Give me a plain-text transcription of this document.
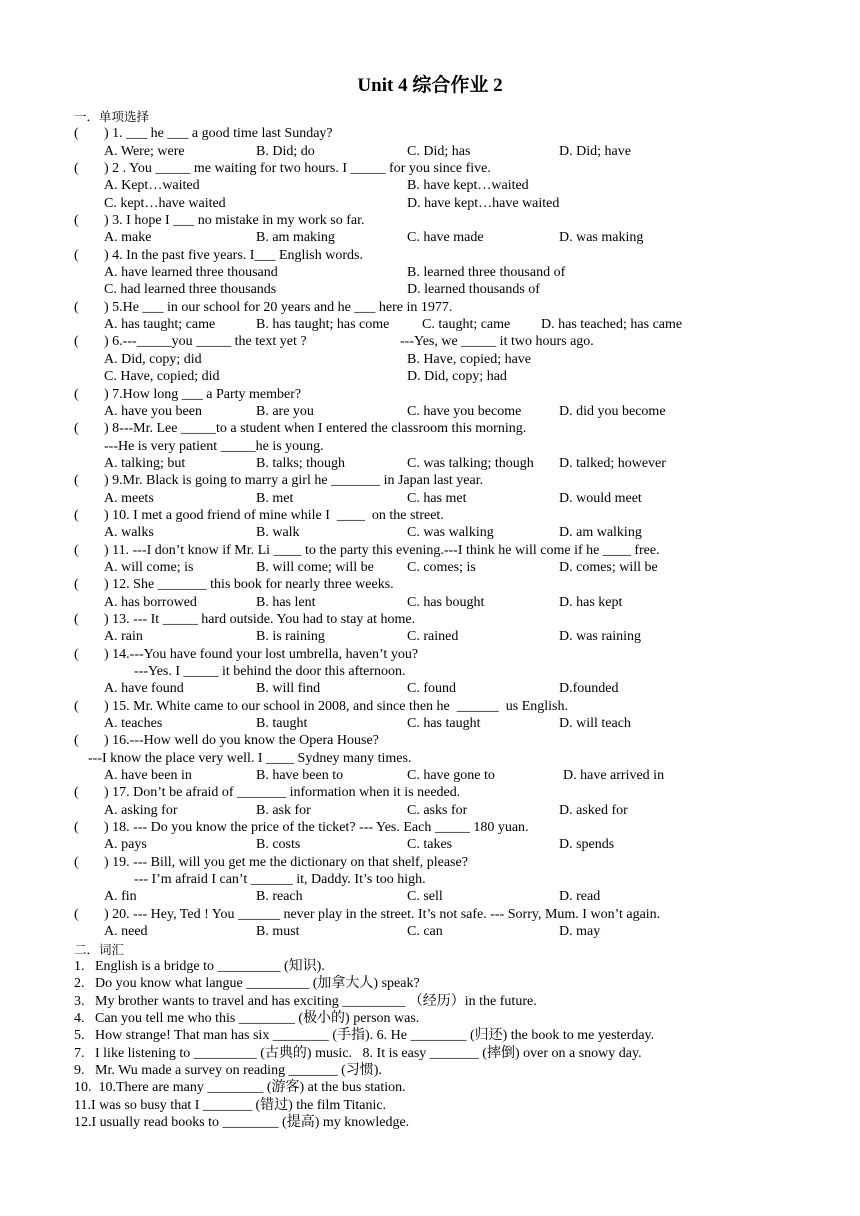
Unit 4 综合作业 2
一．单项选择
( ) 1. ___ he ___ a good time last Sunday?
A. Were; were	B. Did; do	C. Did; has	D. Did; have
( ) 2 . You _____ me waiting for two hours. I _____ for you since five.
A. Kept…waited	B. have kept…waited
C. kept…have waited	D. have kept…have waited
( ) 3. I hope I ___ no mistake in my work so far.
A. make	B. am making	C. have made	D. was making
( ) 4. In the past five years. I___ English words.
A. have learned three thousand	B. learned three thousand of
C. had learned three thousands	D. learned thousands of
( ) 5.He ___ in our school for 20 years and he ___ here in 1977.
A. has taught; came	B. has taught; has come C. taught; came D. has teached; has came
( ) 6.---_____you _____ the text yet ?	---Yes, we _____ it two hours ago.
A. Did, copy; did	B. Have, copied; have
C. Have, copied; did	D. Did, copy; had
( ) 7.How long ___ a Party member?
A. have you been	B. are you	C. have you become	D. did you become
( ) 8---Mr. Lee _____to a student when I entered the classroom this morning.
---He is very patient _____he is young.
A. talking; but	B. talks; though	C. was talking; though D. talked; however
( ) 9.Mr. Black is going to marry a girl he _______ in Japan last year.
A. meets	B. met	C. has met	D. would meet
( ) 10. I met a good friend of mine while I  ____  on the street.
A. walks	B. walk	C. was walking	D. am walking
( ) 11. ---I don’t know if Mr. Li ____ to the party this evening.---I think he will come if he ____ free.
A. will come; is	B. will come; will be C. comes; is	D. comes; will be
( ) 12. She _______ this book for nearly three weeks.
A. has borrowed	B. has lent	C. has bought	D. has kept
( ) 13. --- It _____ hard outside. You had to stay at home.
A. rain	B. is raining	C. rained	D. was raining
( ) 14.---You have found your lost umbrella, haven’t you?
---Yes. I _____ it behind the door this afternoon.
A. have found	B. will find	C. found	D.founded
( ) 15. Mr. White came to our school in 2008, and since then he  ______  us English.
A. teaches	B. taught	C. has taught	D. will teach
( ) 16.---How well do you know the Opera House?
---I know the place very well. I ____ Sydney many times.
A. have been in	B. have been to	C. have gone to	D. have arrived in
( ) 17. Don’t be afraid of _______ information when it is needed.
A. asking for	B. ask for	C. asks for	D. asked for
( ) 18. --- Do you know the price of the ticket? --- Yes. Each _____ 180 yuan.
A. pays	B. costs	C. takes	D. spends
( ) 19. --- Bill, will you get me the dictionary on that shelf, please?
--- I’m afraid I can’t ______ it, Daddy. It’s too high.
A. fin	B. reach	C. sell	D. read
( ) 20. --- Hey, Ted ! You ______ never play in the street. It’s not safe. --- Sorry, Mum. I won’t again.
A. need	B. must	C. can	D. may
二．词汇
1.   English is a bridge to _________ (知识).
2.   Do you know what langue _________ (加拿大人) speak?
3.   My brother wants to travel and has exciting _________ （经历）in the future.
4.   Can you tell me who this ________ (极小的) person was.
5.   How strange! That man has six ________ (手指). 6. He ________ (归还) the book to me yesterday.
7.   I like listening to _________ (古典的) music.   8. It is easy _______ (摔倒) over on a snowy day.
9.   Mr. Wu made a survey on reading _______ (习惯).
10.  10.There are many ________ (游客) at the bus station.
11.I was so busy that I _______ (错过) the film Titanic.
12.I usually read books to ________ (提高) my knowledge.
